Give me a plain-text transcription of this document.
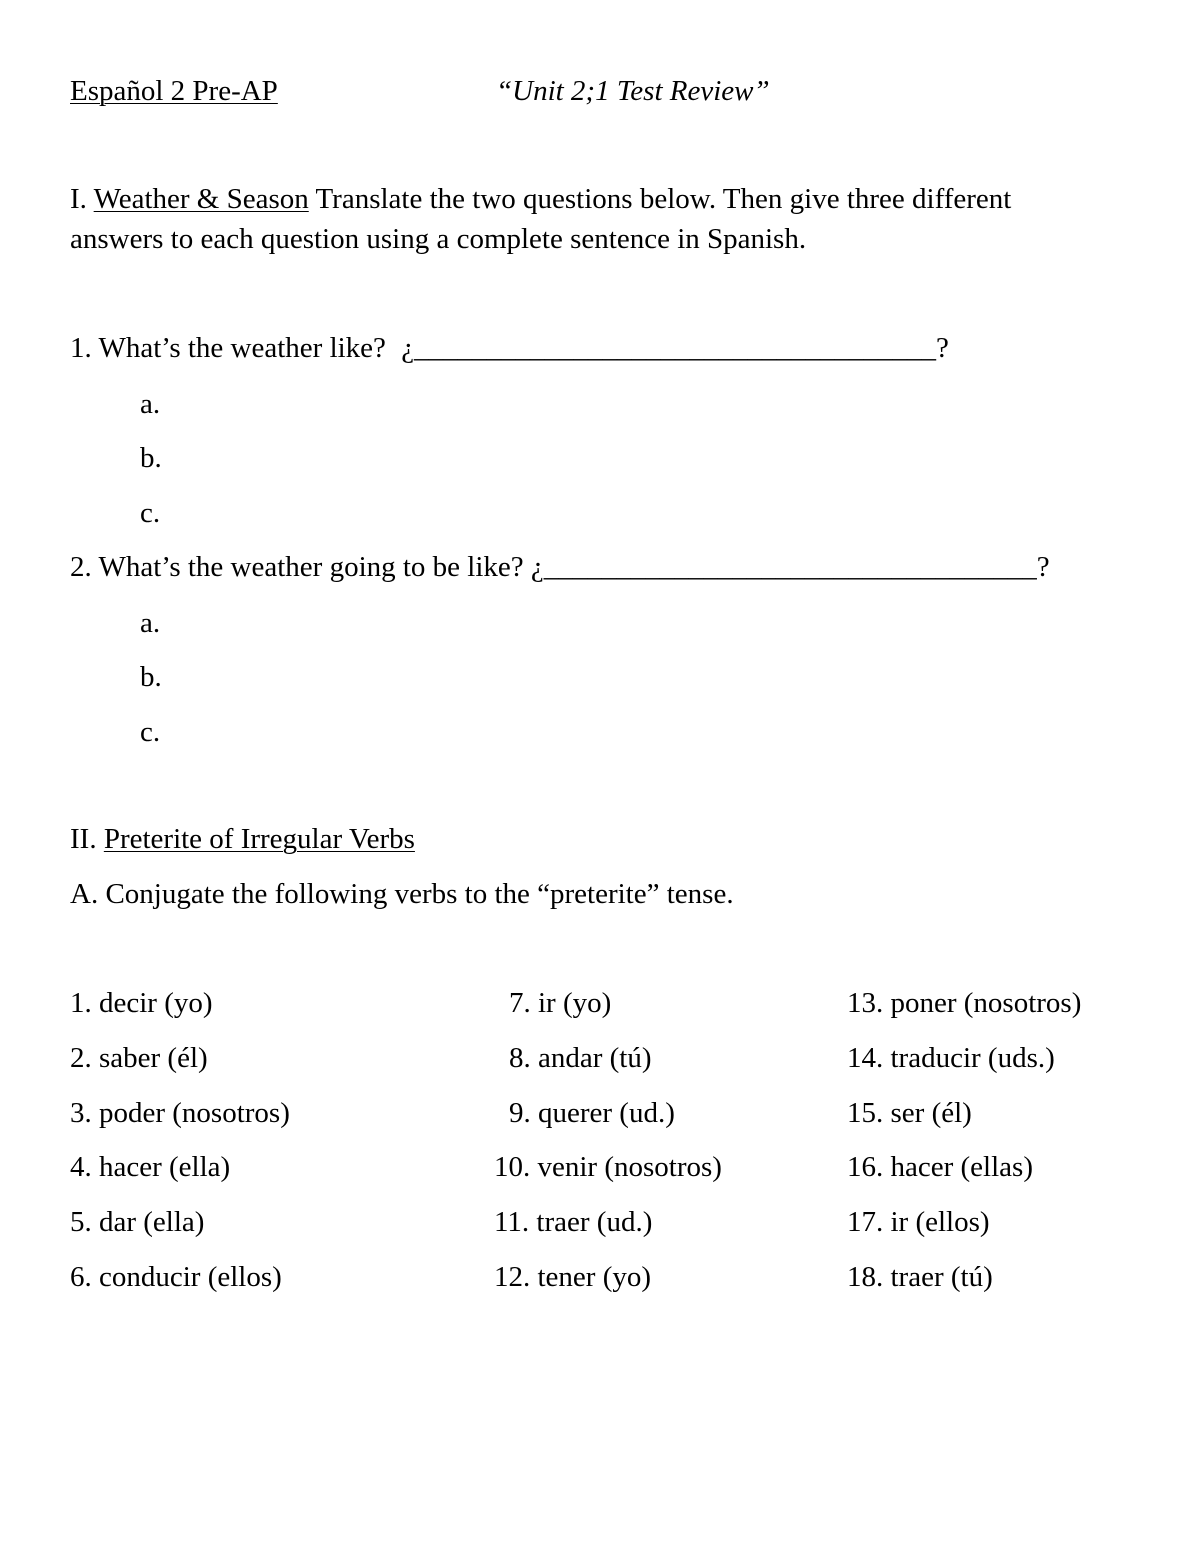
Español 2 Pre-AP	“Unit 2;1 Test Review”
I. Weather & Season Translate the two questions below. Then give three different
answers to each question using a complete sentence in Spanish.
1. What’s the weather like? ¿____________________________________?
a.
b.
c.
2. What’s the weather going to be like? ¿__________________________________?
a.
b.
c.
II. Preterite of Irregular Verbs
A. Conjugate the following verbs to the “preterite” tense.
1. decir (yo)
2. saber (él)
3. poder (nosotros)
4. hacer (ella)
5. dar (ella)
6. conducir (ellos)
7. ir (yo)
8. andar (tú)
9. querer (ud.)
10. venir (nosotros)
11. traer (ud.)
12. tener (yo)
13. poner (nosotros)
14. traducir (uds.)
15. ser (él)
16. hacer (ellas)
17. ir (ellos)
18. traer (tú)
